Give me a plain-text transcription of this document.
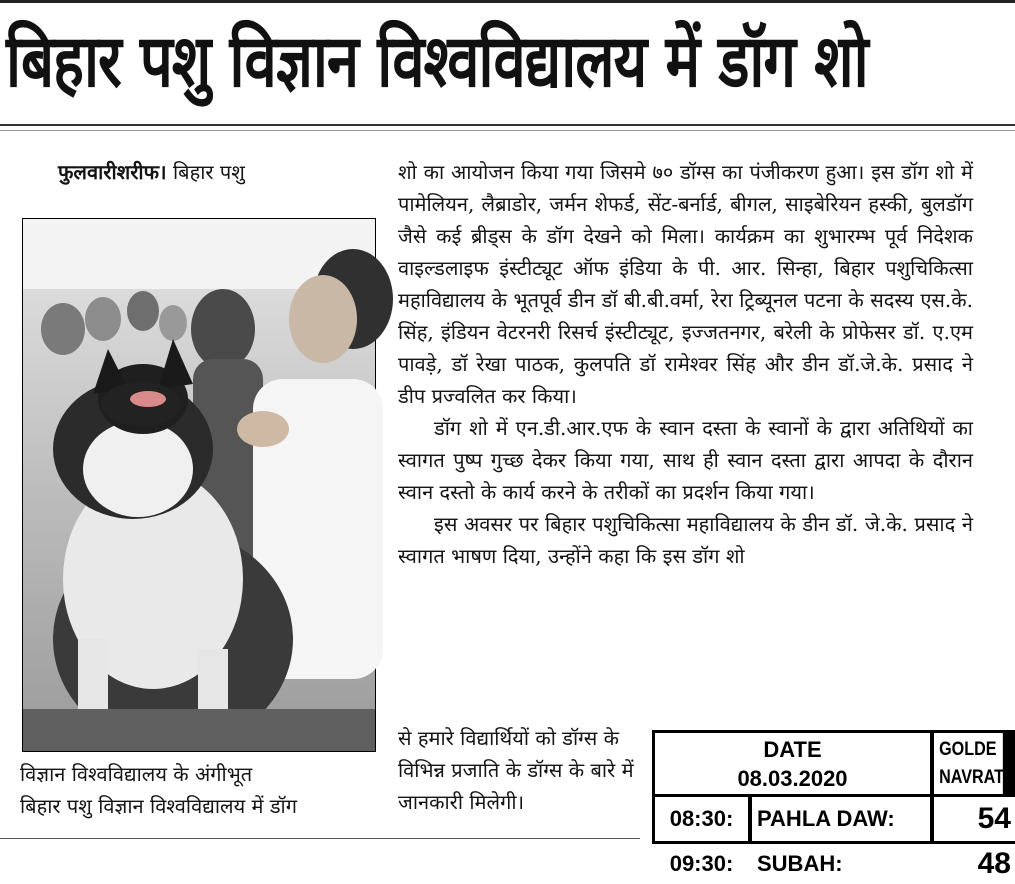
बिहार पशु विज्ञान विश्वविद्यालय में डॉग शो
फुलवारीशरीफ। बिहार पशु	शो का आयोजन किया गया जिसमे ७० डॉग्स का पंजीकरण हुआ। इस डॉग शो में पामेलियन, लैब्राडोर, जर्मन शेफर्ड, सेंट-बर्नार्ड, बीगल, साइबेरियन हस्की, बुलडॉग जैसे कई ब्रीड्स के डॉग देखने को मिला। कार्यक्रम का शुभारम्भ पूर्व निदेशक वाइल्डलाइफ इंस्टीट्यूट ऑफ इंडिया के पी. आर. सिन्हा, बिहार पशुचिकित्सा महाविद्यालय के भूतपूर्व डीन डॉ बी.बी.वर्मा, रेरा ट्रिब्यूनल पटना के सदस्य एस.के. सिंह, इंडियन वेटरनरी रिसर्च इंस्टीट्यूट, इज्जतनगर, बरेली के प्रोफेसर डॉ. ए.एम पावड़े, डॉ रेखा पाठक, कुलपति डॉ रामेश्वर सिंह और डीन डॉ.जे.के. प्रसाद ने डीप प्रज्वलित कर किया।

डॉग शो में एन.डी.आर.एफ के स्वान दस्ता के स्वानों के द्वारा अतिथियों का स्वागत पुष्प गुच्छ देकर किया गया, साथ ही स्वान दस्ता द्वारा आपदा के दौरान स्वान दस्तो के कार्य करने के तरीकों का प्रदर्शन किया गया।

इस अवसर पर बिहार पशुचिकित्सा महाविद्यालय के डीन डॉ. जे.के. प्रसाद ने स्वागत भाषण दिया, उन्होंने कहा कि इस डॉग शो

से हमारे विद्यार्थियों को डॉग्स के विभिन्न प्रजाति के डॉग्स के बारे में जानकारी मिलेगी।

विज्ञान विश्वविद्यालय के अंगीभूत
बिहार पशु विज्ञान विश्वविद्यालय में डॉग
DATE
08.03.2020
GOLDE
NAVRAT
08:30:	PAHLA DAW:	54
09:30:	SUBAH:	48
